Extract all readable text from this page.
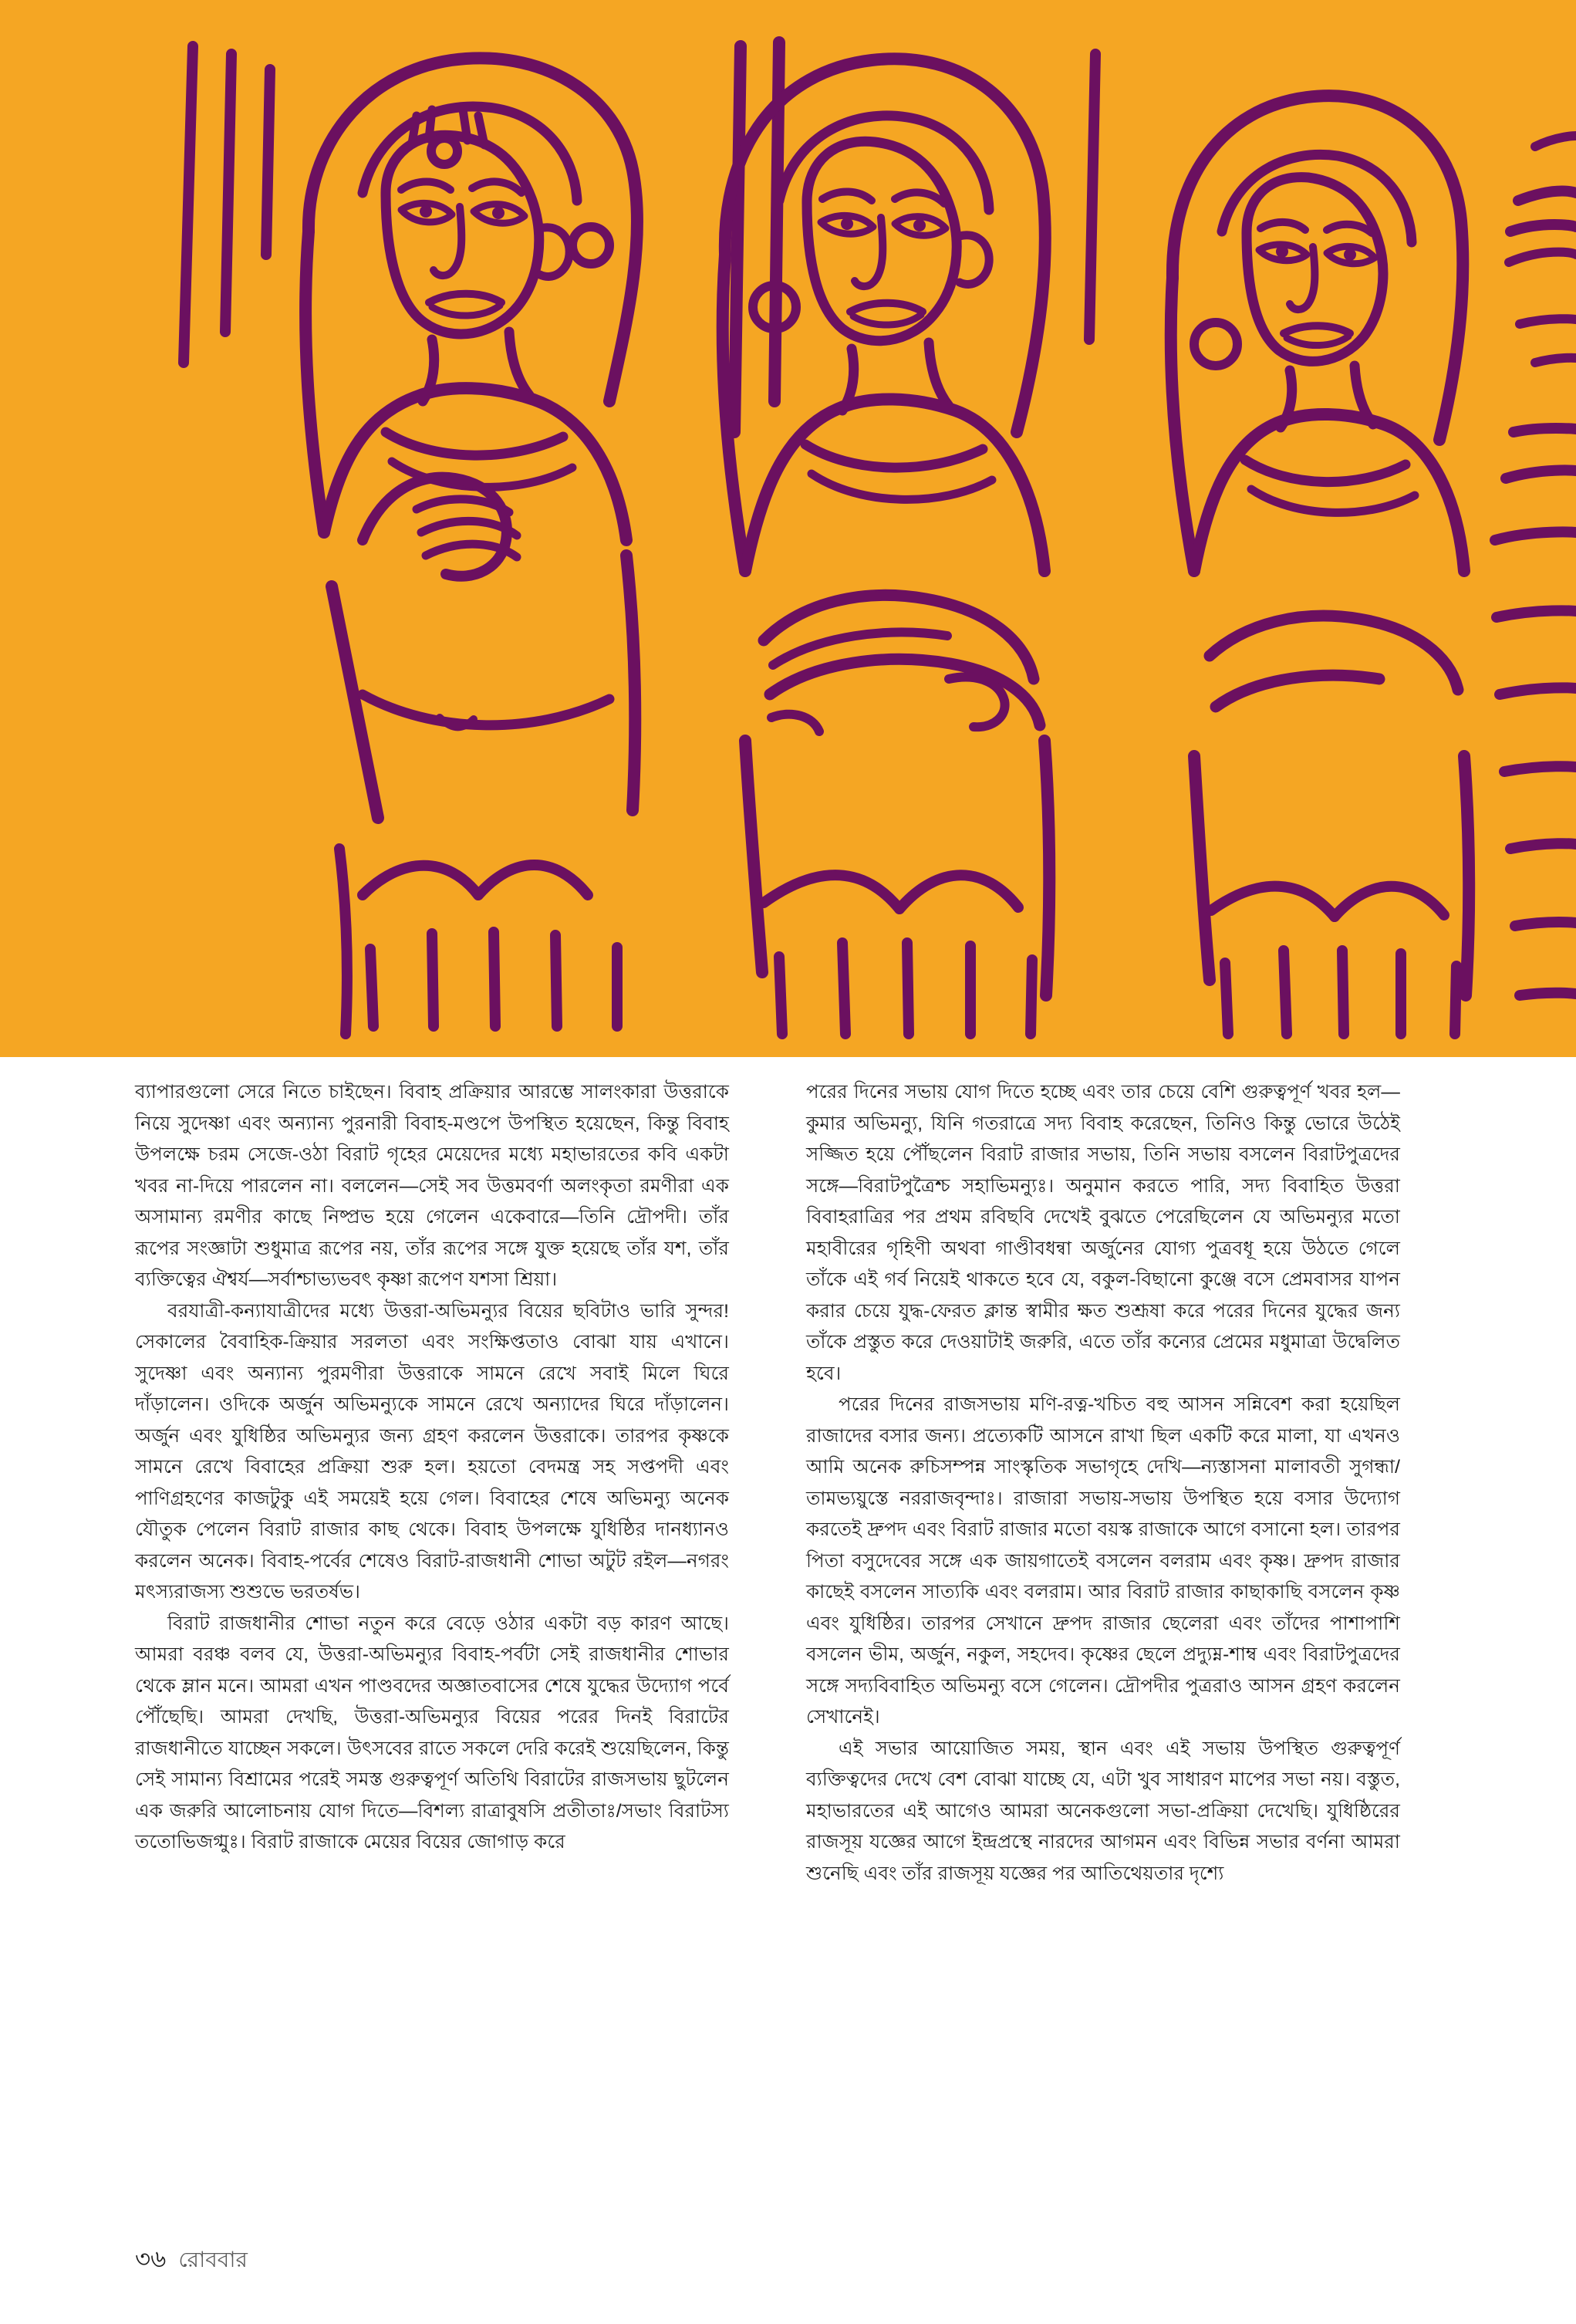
ব্যাপারগুলো সেরে নিতে চাইছেন। বিবাহ প্রক্রিয়ার আরম্ভে সালংকারা উত্তরাকে নিয়ে সুদেষ্ণা এবং অন্যান্য পুরনারী বিবাহ-মণ্ডপে উপস্থিত হয়েছেন, কিন্তু বিবাহ উপলক্ষে চরম সেজে-ওঠা বিরাট গৃহের মেয়েদের মধ্যে মহাভারতের কবি একটা খবর না-দিয়ে পারলেন না। বললেন—সেই সব উত্তমবর্ণা অলংকৃতা রমণীরা এক অসামান্য রমণীর কাছে নিষ্প্রভ হয়ে গেলেন একেবারে—তিনি দ্রৌপদী। তাঁর রূপের সংজ্ঞাটা শুধুমাত্র রূপের নয়, তাঁর রূপের সঙ্গে যুক্ত হয়েছে তাঁর যশ, তাঁর ব্যক্তিত্বের ঐশ্বর্য—সর্বাশ্চাভ্যভবৎ কৃষ্ণা রূপেণ যশসা শ্রিয়া।

বরযাত্রী-কন্যাযাত্রীদের মধ্যে উত্তরা-অভিমন্যুর বিয়ের ছবিটাও ভারি সুন্দর! সেকালের বৈবাহিক-ক্রিয়ার সরলতা এবং সংক্ষিপ্ততাও বোঝা যায় এখানে। সুদেষ্ণা এবং অন্যান্য পুরমণীরা উত্তরাকে সামনে রেখে সবাই মিলে ঘিরে দাঁড়ালেন। ওদিকে অর্জুন অভিমন্যুকে সামনে রেখে অন্যাদের ঘিরে দাঁড়ালেন। অর্জুন এবং যুধিষ্ঠির অভিমন্যুর জন্য গ্রহণ করলেন উত্তরাকে। তারপর কৃষ্ণকে সামনে রেখে বিবাহের প্রক্রিয়া শুরু হল। হয়তো বেদমন্ত্র সহ সপ্তপদী এবং পাণিগ্রহণের কাজটুকু এই সময়েই হয়ে গেল। বিবাহের শেষে অভিমন্যু অনেক যৌতুক পেলেন বিরাট রাজার কাছ থেকে। বিবাহ উপলক্ষে যুধিষ্ঠির দানধ্যানও করলেন অনেক। বিবাহ-পর্বের শেষেও বিরাট-রাজধানী শোভা অটুট রইল—নগরং মৎস্যরাজস্য শুশুভে ভরতর্ষভ।

বিরাট রাজধানীর শোভা নতুন করে বেড়ে ওঠার একটা বড় কারণ আছে। আমরা বরঞ্চ বলব যে, উত্তরা-অভিমন্যুর বিবাহ-পর্বটা সেই রাজধানীর শোভার থেকে ম্লান মনে। আমরা এখন পাণ্ডবদের অজ্ঞাতবাসের শেষে যুদ্ধের উদ্যোগ পর্বে পৌঁছেছি। আমরা দেখছি, উত্তরা-অভিমন্যুর বিয়ের পরের দিনই বিরাটের রাজধানীতে যাচ্ছেন সকলে। উৎসবের রাতে সকলে দেরি করেই শুয়েছিলেন, কিন্তু সেই সামান্য বিশ্রামের পরেই সমস্ত গুরুত্বপূর্ণ অতিথি বিরাটের রাজসভায় ছুটলেন এক জরুরি আলোচনায় যোগ দিতে—বিশল্য রাত্রাবুষসি প্রতীতাঃ/সভাং বিরাটস্য ততোভিজগ্মুঃ। বিরাট রাজাকে মেয়ের বিয়ের জোগাড় করে

পরের দিনের সভায় যোগ দিতে হচ্ছে এবং তার চেয়ে বেশি গুরুত্বপূর্ণ খবর হল—কুমার অভিমন্যু, যিনি গতরাত্রে সদ্য বিবাহ করেছেন, তিনিও কিন্তু ভোরে উঠেই সজ্জিত হয়ে পৌঁছলেন বিরাট রাজার সভায়, তিনি সভায় বসলেন বিরাটপুত্রদের সঙ্গে—বিরাটপুত্রৈশ্চ সহাভিমন্যুঃ। অনুমান করতে পারি, সদ্য বিবাহিত উত্তরা বিবাহরাত্রির পর প্রথম রবিছবি দেখেই বুঝতে পেরেছিলেন যে অভিমন্যুর মতো মহাবীরের গৃহিণী অথবা গাণ্ডীবধন্বা অর্জুনের যোগ্য পুত্রবধূ হয়ে উঠতে গেলে তাঁকে এই গর্ব নিয়েই থাকতে হবে যে, বকুল-বিছানো কুঞ্জে বসে প্রেমবাসর যাপন করার চেয়ে যুদ্ধ-ফেরত ক্লান্ত স্বামীর ক্ষত শুশ্রূষা করে পরের দিনের যুদ্ধের জন্য তাঁকে প্রস্তুত করে দেওয়াটাই জরুরি, এতে তাঁর কন্যের প্রেমের মধুমাত্রা উদ্বেলিত হবে।

পরের দিনের রাজসভায় মণি-রত্ন-খচিত বহু আসন সন্নিবেশ করা হয়েছিল রাজাদের বসার জন্য। প্রত্যেকটি আসনে রাখা ছিল একটি করে মালা, যা এখনও আমি অনেক রুচিসম্পন্ন সাংস্কৃতিক সভাগৃহে দেখি—ন্যস্তাসনা মালাবতী সুগন্ধা/তামভ্যয়ুস্তে নররাজবৃন্দাঃ। রাজারা সভায়-সভায় উপস্থিত হয়ে বসার উদ্যোগ করতেই দ্রুপদ এবং বিরাট রাজার মতো বয়স্ক রাজাকে আগে বসানো হল। তারপর পিতা বসুদেবের সঙ্গে এক জায়গাতেই বসলেন বলরাম এবং কৃষ্ণ। দ্রুপদ রাজার কাছেই বসলেন সাত্যকি এবং বলরাম। আর বিরাট রাজার কাছাকাছি বসলেন কৃষ্ণ এবং যুধিষ্ঠির। তারপর সেখানে দ্রুপদ রাজার ছেলেরা এবং তাঁদের পাশাপাশি বসলেন ভীম, অর্জুন, নকুল, সহদেব। কৃষ্ণের ছেলে প্রদ্যুম্ন-শাম্ব এবং বিরাটপুত্রদের সঙ্গে সদ্যবিবাহিত অভিমন্যু বসে গেলেন। দ্রৌপদীর পুত্ররাও আসন গ্রহণ করলেন সেখানেই।

এই সভার আয়োজিত সময়, স্থান এবং এই সভায় উপস্থিত গুরুত্বপূর্ণ ব্যক্তিত্বদের দেখে বেশ বোঝা যাচ্ছে যে, এটা খুব সাধারণ মাপের সভা নয়। বস্তুত, মহাভারতের এই আগেও আমরা অনেকগুলো সভা-প্রক্রিয়া দেখেছি। যুধিষ্ঠিরের রাজসূয় যজ্ঞের আগে ইন্দ্রপ্রস্থে নারদের আগমন এবং বিভিন্ন সভার বর্ণনা আমরা শুনেছি এবং তাঁর রাজসূয় যজ্ঞের পর আতিথেয়তার দৃশ্যে

৩৬ রোববার
